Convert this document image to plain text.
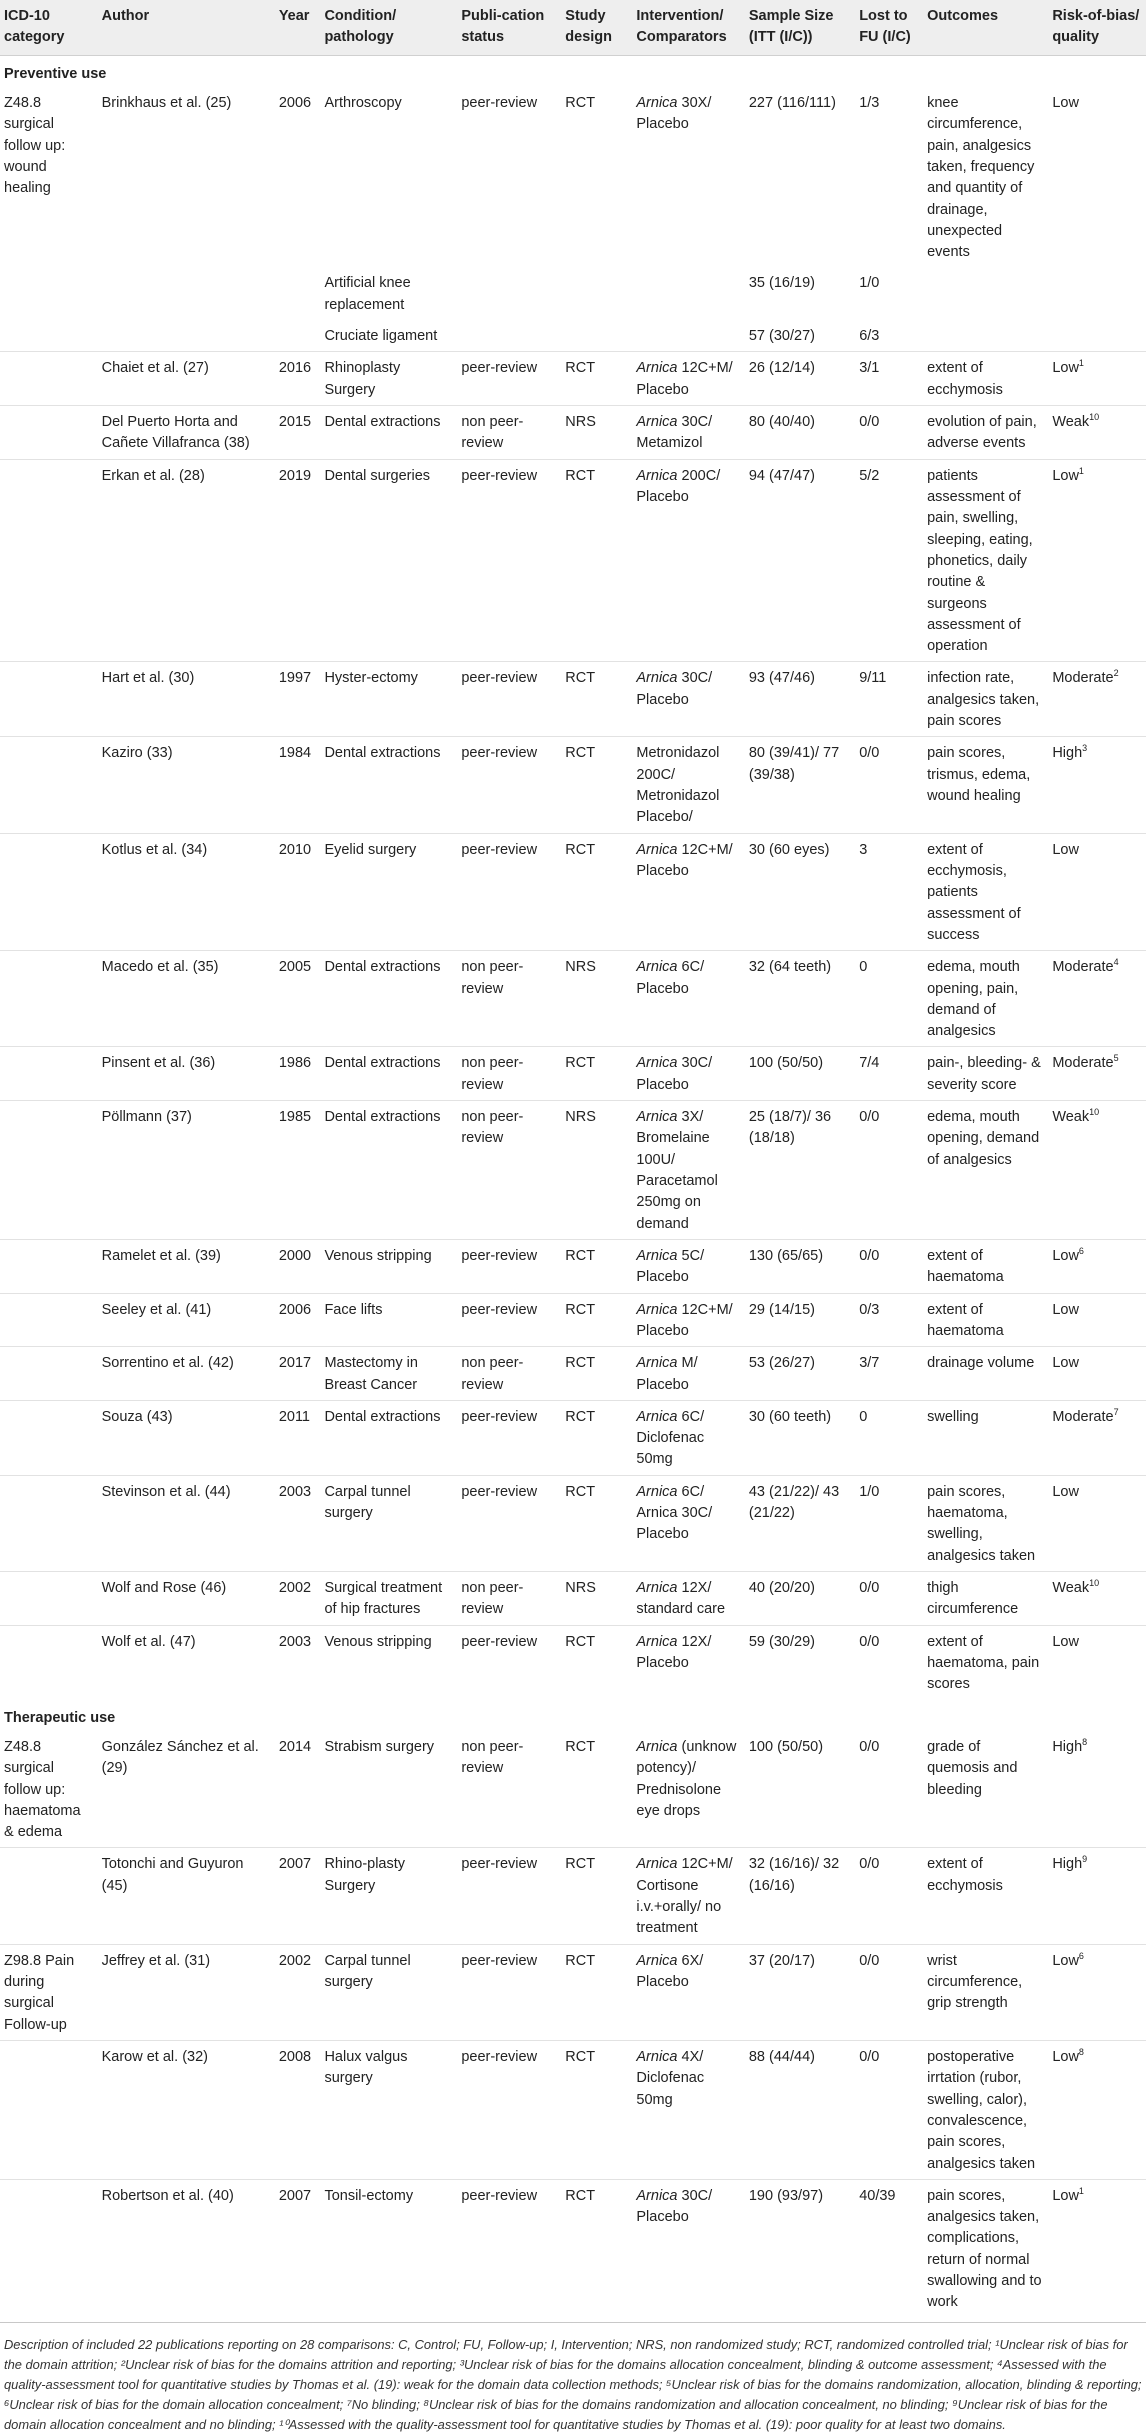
ICD-10 category	Author	Year	Condition/ pathology	Publi-cation status	Study design	Intervention/ Comparators	Sample Size (ITT (I/C))	Lost to FU (I/C)	Outcomes	Risk-of-bias/ quality
Preventive use										
Z48.8 surgical follow up: wound healing	Brinkhaus et al. (25)	2006	Arthroscopy	peer-review	RCT	Arnica 30X/ Placebo	227 (116/111)	1/3	knee circumference, pain, analgesics taken, frequency and quantity of drainage, unexpected events	Low
			Artificial knee replacement				35 (16/19)	1/0		
			Cruciate ligament				57 (30/27)	6/3		
	Chaiet et al. (27)	2016	Rhinoplasty Surgery	peer-review	RCT	Arnica 12C+M/ Placebo	26 (12/14)	3/1	extent of ecchymosis	Low$^1$
	Del Puerto Horta and Cañete Villafranca (38)	2015	Dental extractions	non peer-review	NRS	Arnica 30C/ Metamizol	80 (40/40)	0/0	evolution of pain, adverse events	Weak$^{10}$
	Erkan et al. (28)	2019	Dental surgeries	peer-review	RCT	Arnica 200C/ Placebo	94 (47/47)	5/2	patients assessment of pain, swelling, sleeping, eating, phonetics, daily routine & surgeons assessment of operation	Low$^1$
	Hart et al. (30)	1997	Hyster-ectomy	peer-review	RCT	Arnica 30C/ Placebo	93 (47/46)	9/11	infection rate, analgesics taken, pain scores	Moderate$^2$
	Kaziro (33)	1984	Dental extractions	peer-review	RCT	Metronidazol 200C/ Metronidazol Placebo/	80 (39/41)/ 77 (39/38)	0/0	pain scores, trismus, edema, wound healing	High$^3$
	Kotlus et al. (34)	2010	Eyelid surgery	peer-review	RCT	Arnica 12C+M/ Placebo	30 (60 eyes)	3	extent of ecchymosis, patients assessment of success	Low
	Macedo et al. (35)	2005	Dental extractions	non peer-review	NRS	Arnica 6C/ Placebo	32 (64 teeth)	0	edema, mouth opening, pain, demand of analgesics	Moderate$^4$
	Pinsent et al. (36)	1986	Dental extractions	non peer-review	RCT	Arnica 30C/ Placebo	100 (50/50)	7/4	pain-, bleeding- & severity score	Moderate$^5$
	Pöllmann (37)	1985	Dental extractions	non peer-review	NRS	Arnica 3X/ Bromelaine 100U/ Paracetamol 250mg on demand	25 (18/7)/ 36 (18/18)	0/0	edema, mouth opening, demand of analgesics	Weak$^{10}$
	Ramelet et al. (39)	2000	Venous stripping	peer-review	RCT	Arnica 5C/ Placebo	130 (65/65)	0/0	extent of haematoma	Low$^6$
	Seeley et al. (41)	2006	Face lifts	peer-review	RCT	Arnica 12C+M/ Placebo	29 (14/15)	0/3	extent of haematoma	Low
	Sorrentino et al. (42)	2017	Mastectomy in Breast Cancer	non peer-review	RCT	Arnica M/ Placebo	53 (26/27)	3/7	drainage volume	Low
	Souza (43)	2011	Dental extractions	peer-review	RCT	Arnica 6C/ Diclofenac 50mg	30 (60 teeth)	0	swelling	Moderate$^7$
	Stevinson et al. (44)	2003	Carpal tunnel surgery	peer-review	RCT	Arnica 6C/ Arnica 30C/ Placebo	43 (21/22)/ 43 (21/22)	1/0	pain scores, haematoma, swelling, analgesics taken	Low
	Wolf and Rose (46)	2002	Surgical treatment of hip fractures	non peer-review	NRS	Arnica 12X/ standard care	40 (20/20)	0/0	thigh circumference	Weak$^{10}$
	Wolf et al. (47)	2003	Venous stripping	peer-review	RCT	Arnica 12X/ Placebo	59 (30/29)	0/0	extent of haematoma, pain scores	Low
Therapeutic use										
Z48.8 surgical follow up: haematoma & edema	González Sánchez et al. (29)	2014	Strabism surgery	non peer-review	RCT	Arnica (unknow potency)/ Prednisolone eye drops	100 (50/50)	0/0	grade of quemosis and bleeding	High$^8$
	Totonchi and Guyuron (45)	2007	Rhino-plasty Surgery	peer-review	RCT	Arnica 12C+M/ Cortisone i.v.+orally/ no treatment	32 (16/16)/ 32 (16/16)	0/0	extent of ecchymosis	High$^9$
Z98.8 Pain during surgical Follow-up	Jeffrey et al. (31)	2002	Carpal tunnel surgery	peer-review	RCT	Arnica 6X/ Placebo	37 (20/17)	0/0	wrist circumference, grip strength	Low$^6$
	Karow et al. (32)	2008	Halux valgus surgery	peer-review	RCT	Arnica 4X/ Diclofenac 50mg	88 (44/44)	0/0	postoperative irrtation (rubor, swelling, calor), convalescence, pain scores, analgesics taken	Low$^8$
	Robertson et al. (40)	2007	Tonsil-ectomy	peer-review	RCT	Arnica 30C/ Placebo	190 (93/97)	40/39	pain scores, analgesics taken, complications, return of normal swallowing and to work	Low$^1$
Description of included 22 publications reporting on 28 comparisons: C, Control; FU, Follow-up; I, Intervention; NRS, non randomized study; RCT, randomized controlled trial; ¹Unclear risk of bias for the domain attrition; ²Unclear risk of bias for the domains attrition and reporting; ³Unclear risk of bias for the domains allocation concealment, blinding & outcome assessment; ⁴Assessed with the quality-assessment tool for quantitative studies by Thomas et al. (19): weak for the domain data collection methods; ⁵Unclear risk of bias for the domains randomization, allocation, blinding & reporting; ⁶Unclear risk of bias for the domain allocation concealment; ⁷No blinding; ⁸Unclear risk of bias for the domains randomization and allocation concealment, no blinding; ⁹Unclear risk of bias for the domain allocation concealment and no blinding; ¹⁰Assessed with the quality-assessment tool for quantitative studies by Thomas et al. (19): poor quality for at least two domains.
